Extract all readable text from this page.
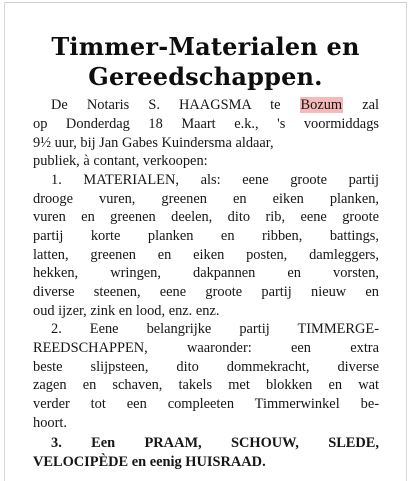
Timmer-Materialen en
Gereedschappen.
De Notaris S. HAAGSMA te Bozum zal
op Donderdag 18 Maart e.k., 's voormiddags
9½ uur, bij Jan Gabes Kuindersma aldaar,
publiek, à contant, verkoopen:
1. MATERIALEN, als: eene groote partij
drooge vuren, greenen en eiken planken,
vuren en greenen deelen, dito rib, eene groote
partij korte planken en ribben, battings,
latten, greenen en eiken posten, damleggers,
hekken, wringen, dakpannen en vorsten,
diverse steenen, eene groote partij nieuw en
oud ijzer, zink en lood, enz. enz.
2. Eene belangrijke partij TIMMERGE-
REEDSCHAPPEN, waaronder: een extra
beste slijpsteen, dito dommekracht, diverse
zagen en schaven, takels met blokken en wat
verder tot een compleeten Timmerwinkel be-
hoort.
3. Een PRAAM, SCHOUW, SLEDE,
VELOCIPÈDE en eenig HUISRAAD.
